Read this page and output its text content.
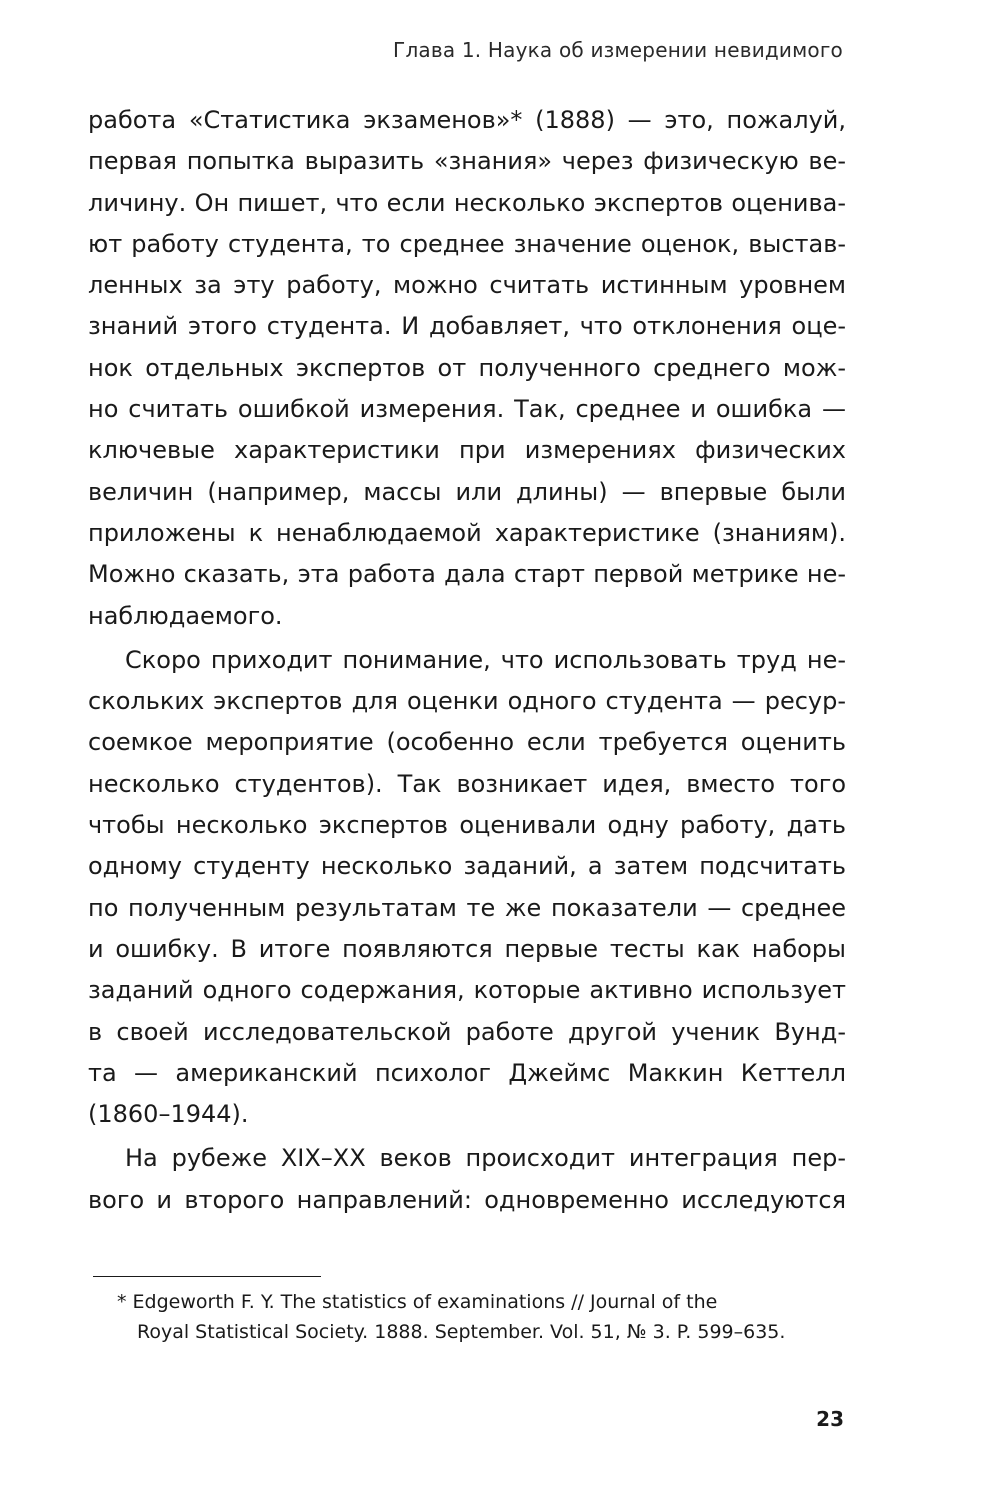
Глава 1. Наука об измерении невидимого
работа «Статистика экзаменов»* (1888) — это, пожалуй,
первая попытка выразить «знания» через физическую ве-
личину. Он пишет, что если несколько экспертов оценива-
ют работу студента, то среднее значение оценок, выстав-
ленных за эту работу, можно считать истинным уровнем
знаний этого студента. И добавляет, что отклонения оце-
нок отдельных экспертов от полученного среднего мож-
но считать ошибкой измерения. Так, среднее и ошибка —
ключевые характеристики при измерениях физических
величин (например, массы или длины) — впервые были
приложены к ненаблюдаемой характеристике (знаниям).
Можно сказать, эта работа дала старт первой метрике не-
наблюдаемого.
Скоро приходит понимание, что использовать труд не-
скольких экспертов для оценки одного студента — ресур-
соемкое мероприятие (особенно если требуется оценить
несколько студентов). Так возникает идея, вместо того
чтобы несколько экспертов оценивали одну работу, дать
одному студенту несколько заданий, а затем подсчитать
по полученным результатам те же показатели — среднее
и ошибку. В итоге появляются первые тесты как наборы
заданий одного содержания, которые активно использует
в своей исследовательской работе другой ученик Вунд-
та — американский психолог Джеймс Маккин Кеттелл
(1860–1944).
На рубеже XIX–XX веков происходит интеграция пер-
вого и второго направлений: одновременно исследуются
* Edgeworth F. Y. The statistics of examinations // Journal of the
Royal Statistical Society. 1888. September. Vol. 51, № 3. P. 599–635.
23
